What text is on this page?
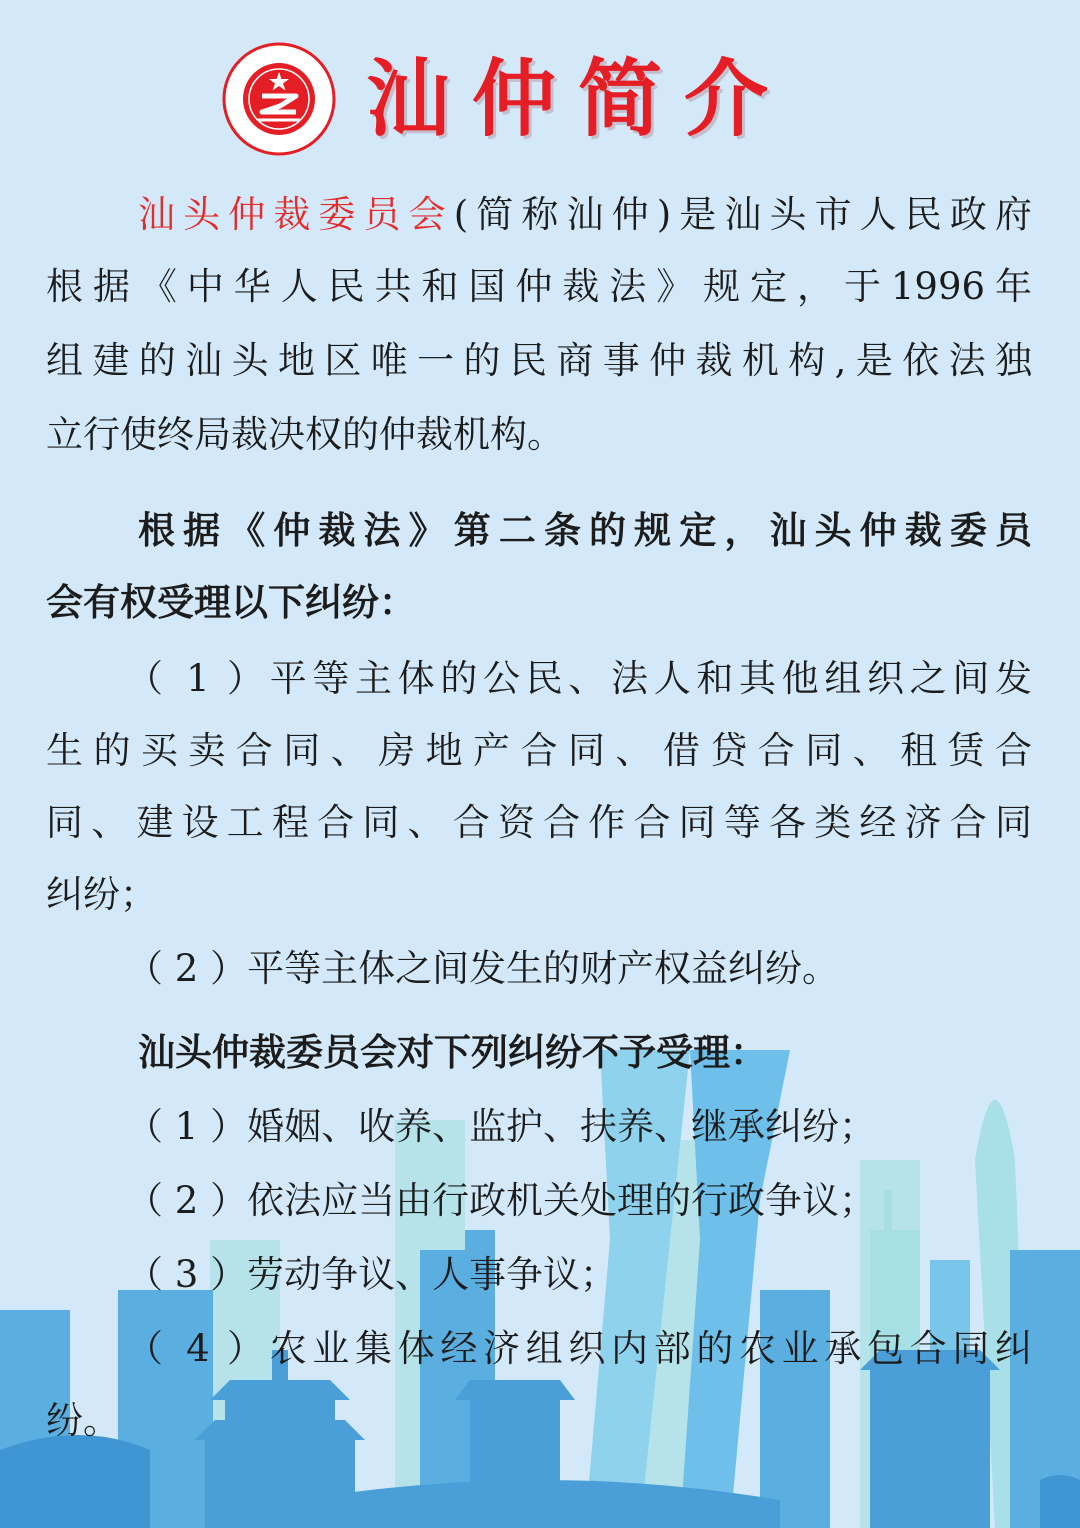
汕仲简介

汕头仲裁委员会(简称汕仲)是汕头市人民政府

根据《中华人民共和国仲裁法》规定，于1996年

组建的汕头地区唯一的民商事仲裁机构,是依法独

立行使终局裁决权的仲裁机构。

根据《仲裁法》第二条的规定，汕头仲裁委员

会有权受理以下纠纷：

（ 1 ）平等主体的公民、法人和其他组织之间发

生的买卖合同、房地产合同、借贷合同、租赁合

同、建设工程合同、合资合作合同等各类经济合同

纠纷；

（ 2 ）平等主体之间发生的财产权益纠纷。

汕头仲裁委员会对下列纠纷不予受理：

（ 1 ）婚姻、收养、监护、扶养、继承纠纷；

（ 2 ）依法应当由行政机关处理的行政争议；

（ 3 ）劳动争议、人事争议；

（ 4 ）农业集体经济组织内部的农业承包合同纠

纷。
